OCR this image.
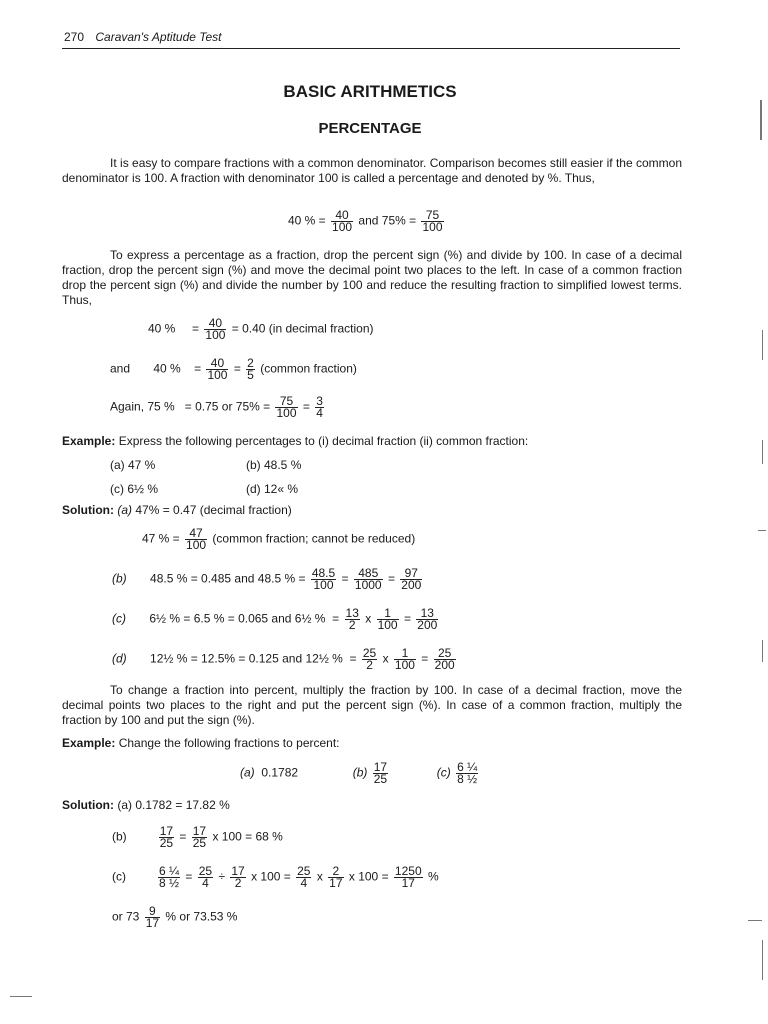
270 Caravan's Aptitude Test
BASIC ARITHMETICS
PERCENTAGE
It is easy to compare fractions with a common denominator. Comparison becomes still easier if the common denominator is 100. A fraction with denominator 100 is called a percentage and denoted by %. Thus,
40 % = $\frac{40}{100}$ and $75\% = \frac{75}{100}$
To express a percentage as a fraction, drop the percent sign (%) and divide by 100. In case of a decimal fraction, drop the percent sign (%) and move the decimal point two places to the left. In case of a common fraction drop the percent sign (%) and divide the number by 100 and reduce the resulting fraction to simplified lowest terms. Thus,
40 % = $\frac{40}{100} = 0.40$ (in decimal fraction)
and 40 % = $\frac{40}{100} = \frac{2}{5}$ (common fraction)
Again, 75 % = 0.75 or $75\% = \frac{75}{100} = \frac{3}{4}$
Example: Express the following percentages to (i) decimal fraction (ii) common fraction:
(a) 47 %	(b) 48.5 %
(c) 6½ %	(d) 12« %
Solution: (a) 47% = 0.47 (decimal fraction)
47 % = $\frac{47}{100}$ (common fraction; cannot be reduced)
(b) 48.5 % = 0.485 and 48.5 % = $\frac{48.5}{100} = \frac{485}{1000} = \frac{97}{200}$
(c) 6½ % = 6.5 % = 0.065 and 6½ % = $\frac{13}{2}$ x $\frac{1}{100} = \frac{13}{200}$
(d) 12½ % = 12.5% = 0.125 and 12½ % = $\frac{25}{2}$ x $\frac{1}{100} = \frac{25}{200}$
To change a fraction into percent, multiply the fraction by 100. In case of a decimal fraction, move the decimal points two places to the right and put the percent sign (%). In case of a common fraction, multiply the fraction by 100 and put the sign (%).
Example: Change the following fractions to percent:
(a) 0.1782	$(b) \frac{17}{25}$	$(c) \frac{\text{6 ¼}}{\text{8 ½}}$
Solution: (a) 0.1782 = 17.82 %
(b)	$\frac{17}{25} = \frac{17}{25}$ x 100 = 68 %
(c)	$\frac{\text{6 ¼}}{\text{8 ½}} = \frac{25}{4} \div \frac{17}{2}$ x $100 = \frac{25}{4}$ x $\frac{2}{17}$ x $100 = \frac{1250}{17}$ %
or $73 \frac{9}{17}$ % or 73.53 %
